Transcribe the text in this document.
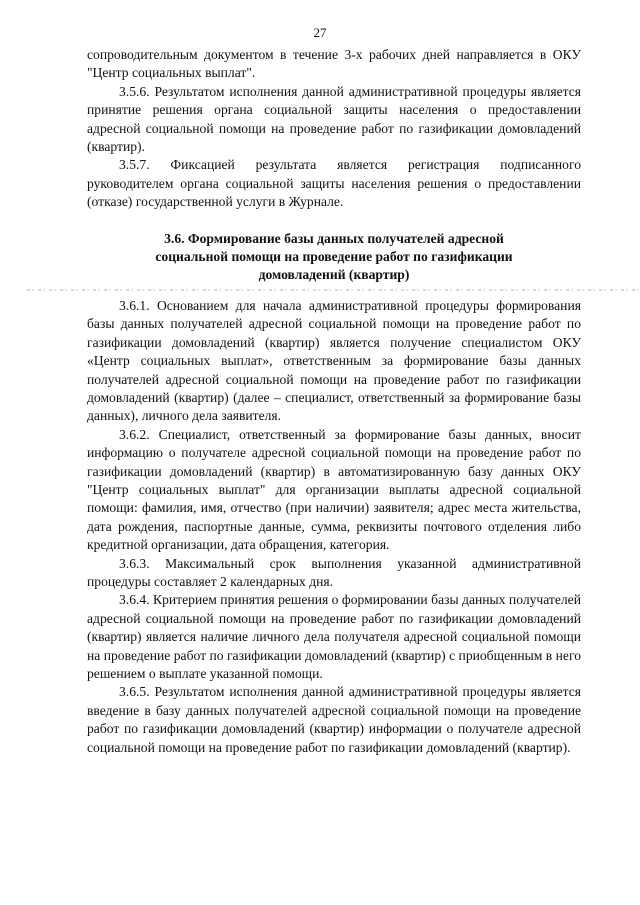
27

сопроводительным документом в течение 3-х рабочих дней направляется в ОКУ "Центр социальных выплат".

3.5.6. Результатом исполнения данной административной процедуры является принятие решения органа социальной защиты населения о предоставлении адресной социальной помощи на проведение работ по газификации домовладений (квартир).

3.5.7. Фиксацией результата является регистрация подписанного руководителем органа социальной защиты населения решения о предоставлении (отказе) государственной услуги в Журнале.

3.6. Формирование базы данных получателей адресной социальной помощи на проведение работ по газификации домовладений (квартир)

3.6.1. Основанием для начала административной процедуры формирования базы данных получателей адресной социальной помощи на проведение работ по газификации домовладений (квартир) является получение специалистом ОКУ «Центр социальных выплат», ответственным за формирование базы данных получателей адресной социальной помощи на проведение работ по газификации домовладений (квартир) (далее – специалист, ответственный за формирование базы данных), личного дела заявителя.

3.6.2. Специалист, ответственный за формирование базы данных, вносит информацию о получателе адресной социальной помощи на проведение работ по газификации домовладений (квартир) в автоматизированную базу данных ОКУ "Центр социальных выплат" для организации выплаты адресной социальной помощи: фамилия, имя, отчество (при наличии) заявителя; адрес места жительства, дата рождения, паспортные данные, сумма, реквизиты почтового отделения либо кредитной организации, дата обращения, категория.

3.6.3. Максимальный срок выполнения указанной административной процедуры составляет 2 календарных дня.

3.6.4. Критерием принятия решения о формировании базы данных получателей адресной социальной помощи на проведение работ по газификации домовладений (квартир) является наличие личного дела получателя адресной социальной помощи на проведение работ по газификации домовладений (квартир) с приобщенным в него решением о выплате указанной помощи.

3.6.5. Результатом исполнения данной административной процедуры является введение в базу данных получателей адресной социальной помощи на проведение работ по газификации домовладений (квартир) информации о получателе адресной социальной помощи на проведение работ по газификации домовладений (квартир).
